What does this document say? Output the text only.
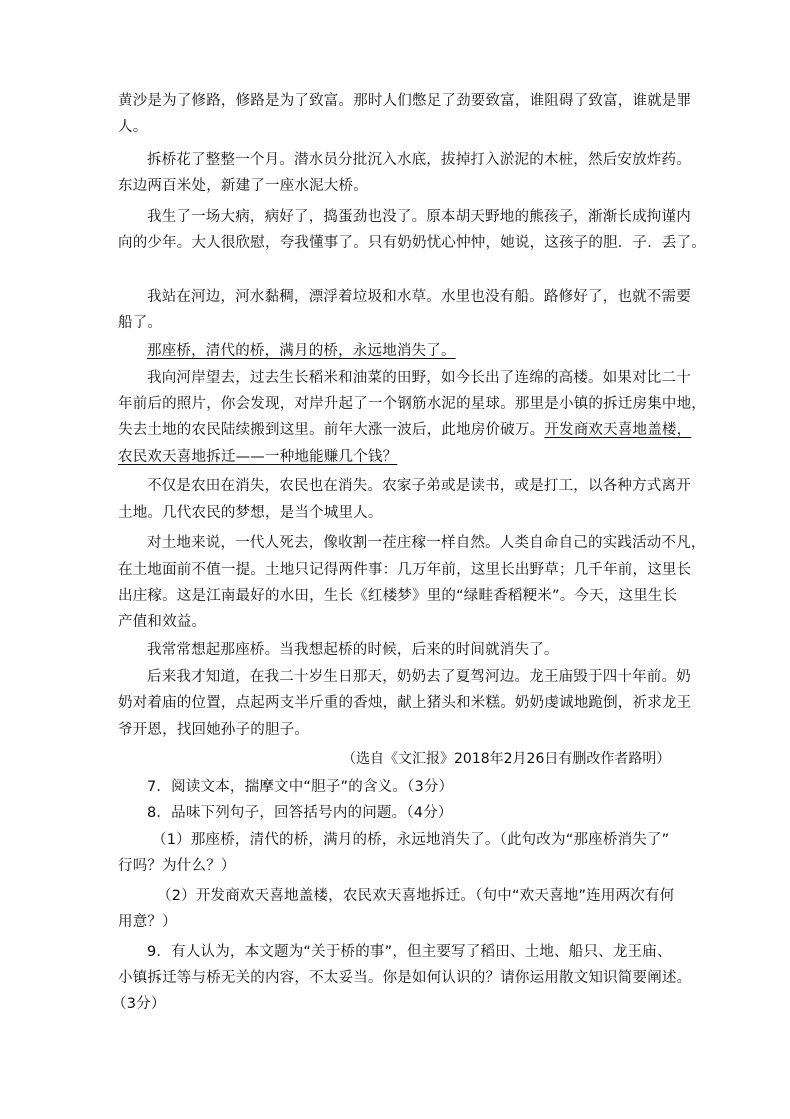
黄沙是为了修路，修路是为了致富。那时人们憋足了劲要致富，谁阻碍了致富，谁就是罪
人。
拆桥花了整整一个月。潜水员分批沉入水底，拔掉打入淤泥的木桩，然后安放炸药。
东边两百米处，新建了一座水泥大桥。
我生了一场大病，病好了，捣蛋劲也没了。原本胡天野地的熊孩子，渐渐长成拘谨内
向的少年。大人很欣慰，夸我懂事了。只有奶奶忧心忡忡，她说，这孩子的胆．子．丢了。
我站在河边，河水黏稠，漂浮着垃圾和水草。水里也没有船。路修好了，也就不需要
船了。
那座桥，清代的桥，满月的桥，永远地消失了。
我向河岸望去，过去生长稻米和油菜的田野，如今长出了连绵的高楼。如果对比二十
年前后的照片，你会发现，对岸升起了一个钢筋水泥的星球。那里是小镇的拆迁房集中地，
失去土地的农民陆续搬到这里。前年大涨一波后，此地房价破万。开发商欢天喜地盖楼，
农民欢天喜地拆迁——一种地能赚几个钱？
不仅是农田在消失，农民也在消失。农家子弟或是读书，或是打工，以各种方式离开
土地。几代农民的梦想，是当个城里人。
对土地来说，一代人死去，像收割一茬庄稼一样自然。人类自命自己的实践活动不凡，
在土地面前不值一提。土地只记得两件事：几万年前，这里长出野草；几千年前，这里长
出庄稼。这是江南最好的水田，生长《红楼梦》里的“绿畦香稻粳米”。今天，这里生长
产值和效益。
我常常想起那座桥。当我想起桥的时候，后来的时间就消失了。
后来我才知道，在我二十岁生日那天，奶奶去了夏驾河边。龙王庙毁于四十年前。奶
奶对着庙的位置，点起两支半斤重的香烛，献上猪头和米糕。奶奶虔诚地跪倒，祈求龙王
爷开恩，找回她孙子的胆子。
（选自《文汇报》2018年2月26日有删改作者路明）
7．阅读文本，揣摩文中“胆子”的含义。（3分）
8．品味下列句子，回答括号内的问题。（4分）
（1）那座桥，清代的桥，满月的桥，永远地消失了。（此句改为“那座桥消失了”
行吗？为什么？）
（2）开发商欢天喜地盖楼，农民欢天喜地拆迁。（句中“欢天喜地”连用两次有何
用意？）
9．有人认为，本文题为“关于桥的事”，但主要写了稻田、土地、船只、龙王庙、
小镇拆迁等与桥无关的内容，不太妥当。你是如何认识的？请你运用散文知识简要阐述。
（3分）
